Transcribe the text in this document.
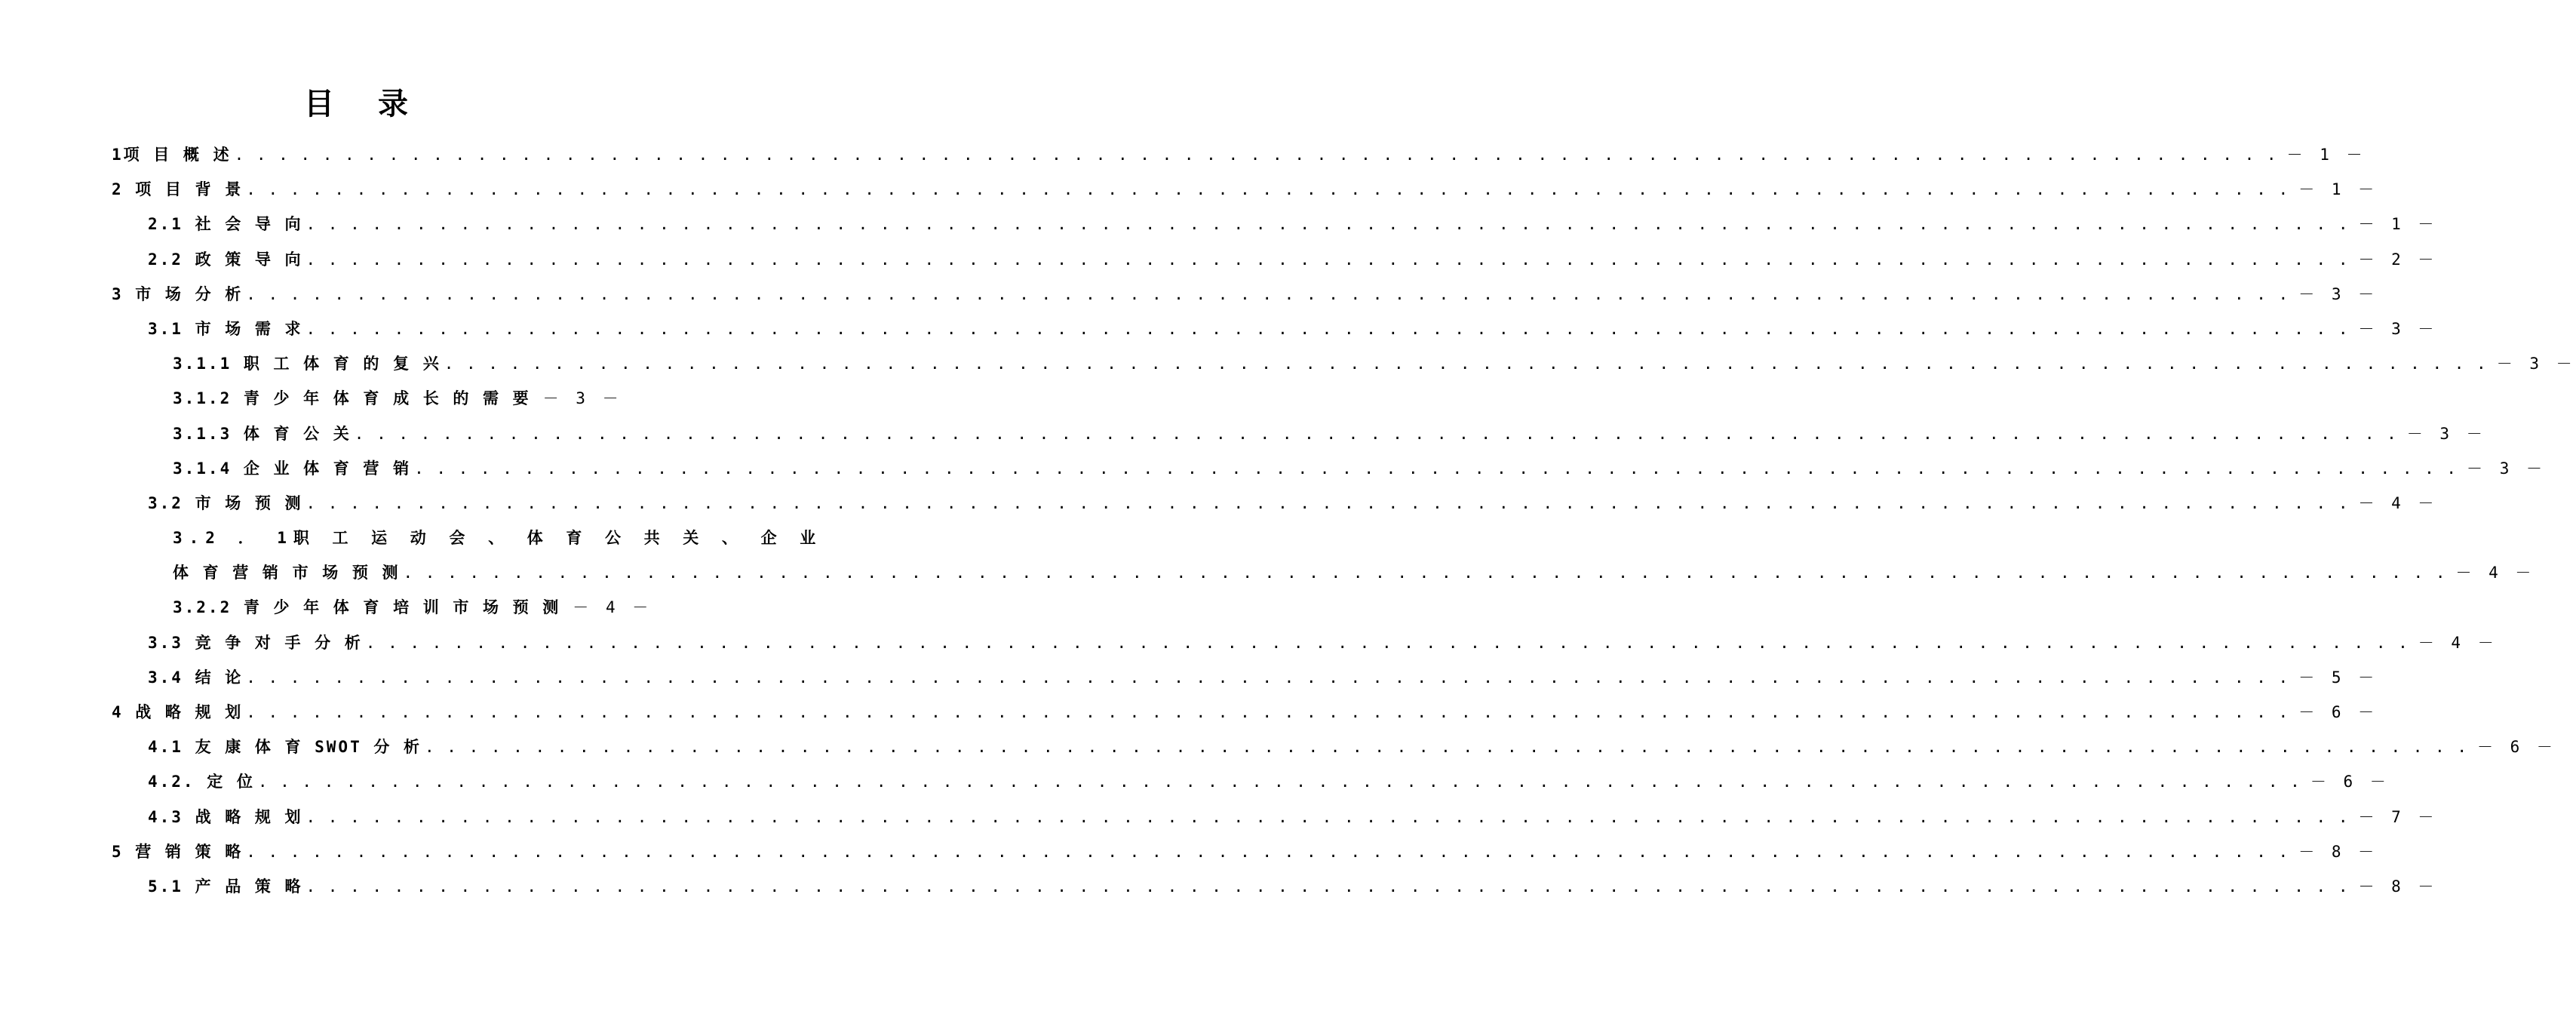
目 录
1项 目 概 述 . . .	－ 1 －
2 项 目 背 景 . . .	－ 1 －
2.1 社 会 导 向 . . .	－ 1 －
2.2 政 策 导 向 . . .	－ 2 －
3 市 场 分 析 . . .	－ 3 －
3.1 市 场 需 求 . . .	－ 3 －
3.1.1 职 工 体 育 的 复 兴 . . .	－ 3 －
3.1.2 青 少 年 体 育 成 长 的 需 要 － 3 －
3.1.3 体 育 公 关 . . .	－ 3 －
3.1.4 企 业 体 育 营 销 . . .	－ 3 －
3.2 市 场 预 测 . . .	－ 4 －
3.2 ． 1职 工 运 动 会 、 体 育 公 共 关 、 企 业
体 育 营 销 市 场 预 测 . . .	－ 4 －
3.2.2 青 少 年 体 育 培 训 市 场 预 测 － 4 －
3.3 竞 争 对 手 分 析 . . .	－ 4 －
3.4 结 论 . . .	－ 5 －
4 战 略 规 划 . . .	－ 6 －
4.1 友 康 体 育 SWOT 分 析 . . .	－ 6 －
4.2. 定 位 . . .	－ 6 －
4.3 战 略 规 划 . . .	－ 7 －
5 营 销 策 略 . . .	－ 8 －
5.1 产 品 策 略 . . .	－ 8 －
